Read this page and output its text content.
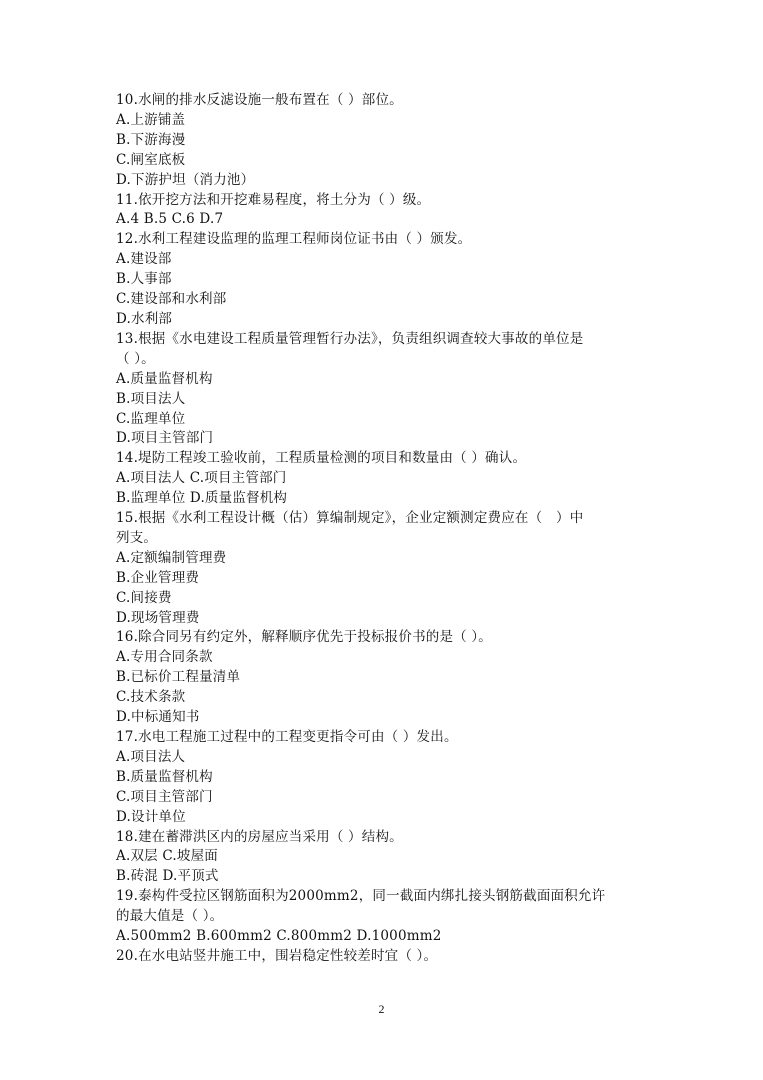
10.水闸的排水反滤设施一般布置在（ ）部位。
A.上游铺盖
B.下游海漫
C.闸室底板
D.下游护坦（消力池）
11.依开挖方法和开挖难易程度，将土分为（ ）级。
A.4 B.5 C.6 D.7
12.水利工程建设监理的监理工程师岗位证书由（ ）颁发。
A.建设部
B.人事部
C.建设部和水利部
D.水利部
13.根据《水电建设工程质量管理暂行办法》，负责组织调查较大事故的单位是
（ ）。
A.质量监督机构
B.项目法人
C.监理单位
D.项目主管部门
14.堤防工程竣工验收前，工程质量检测的项目和数量由（ ）确认。
A.项目法人 C.项目主管部门
B.监理单位 D.质量监督机构
15.根据《水利工程设计概（估）算编制规定》，企业定额测定费应在（　）中
列支。
A.定额编制管理费
B.企业管理费
C.间接费
D.现场管理费
16.除合同另有约定外，解释顺序优先于投标报价书的是（ ）。
A.专用合同条款
B.已标价工程量清单
C.技术条款
D.中标通知书
17.水电工程施工过程中的工程变更指令可由（ ）发出。
A.项目法人
B.质量监督机构
C.项目主管部门
D.设计单位
18.建在蓄滞洪区内的房屋应当采用（ ）结构。
A.双层 C.坡屋面
B.砖混 D.平顶式
19.泰构件受拉区钢筋面积为2000mm2，同一截面内绑扎接头钢筋截面面积允许
的最大值是（ ）。
A.500mm2 B.600mm2 C.800mm2 D.1000mm2
20.在水电站竖井施工中，围岩稳定性较差时宜（ ）。
2
